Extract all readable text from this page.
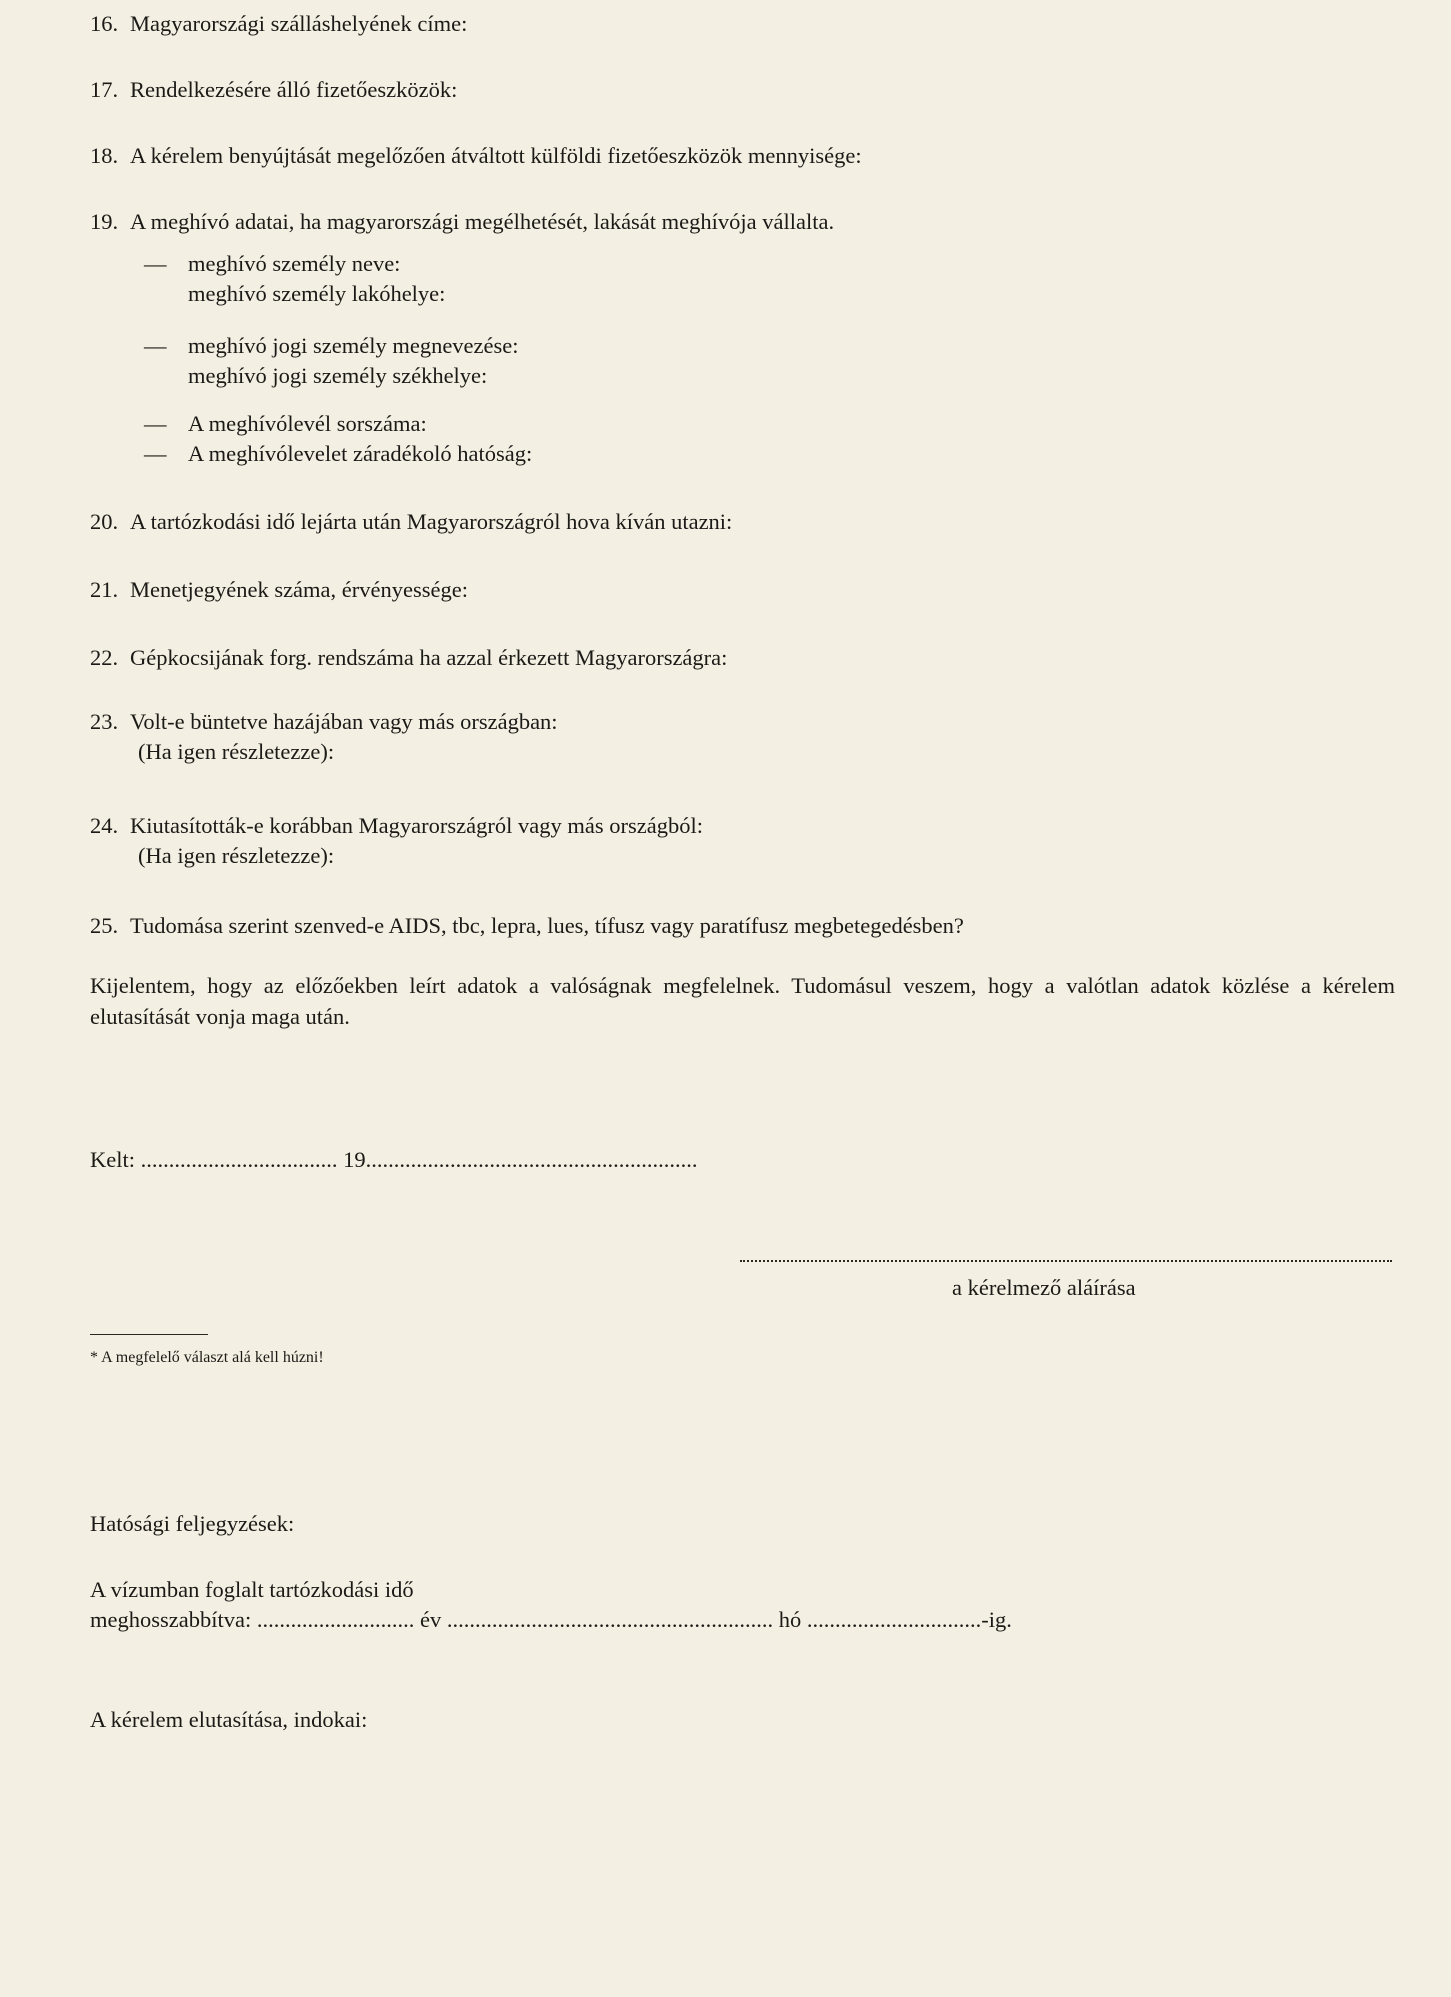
16. Magyarországi szálláshelyének címe:
17. Rendelkezésére álló fizetőeszközök:
18. A kérelem benyújtását megelőzően átváltott külföldi fizetőeszközök mennyisége:
19. A meghívó adatai, ha magyarországi megélhetését, lakását meghívója vállalta.
— meghívó személy neve:
meghívó személy lakóhelye:
— meghívó jogi személy megnevezése:
meghívó jogi személy székhelye:
— A meghívólevél sorszáma:
— A meghívólevelet záradékoló hatóság:
20. A tartózkodási idő lejárta után Magyarországról hova kíván utazni:
21. Menetjegyének száma, érvényessége:
22. Gépkocsijának forg. rendszáma ha azzal érkezett Magyarországra:
23. Volt-e büntetve hazájában vagy más országban:
(Ha igen részletezze):
24. Kiutasították-e korábban Magyarországról vagy más országból:
(Ha igen részletezze):
25. Tudomása szerint szenved-e AIDS, tbc, lepra, lues, tífusz vagy paratífusz megbetegedésben?
Kijelentem, hogy az előzőekben leírt adatok a valóságnak megfelelnek. Tudomásul veszem, hogy a valótlan adatok közlése a kérelem elutasítását vonja maga után.
Kelt: ................................... 19...........................................................
a kérelmező aláírása
* A megfelelő választ alá kell húzni!
Hatósági feljegyzések:
A vízumban foglalt tartózkodási idő
meghosszabbítva: ............................ év .......................................................... hó ...............................-ig.
A kérelem elutasítása, indokai:
